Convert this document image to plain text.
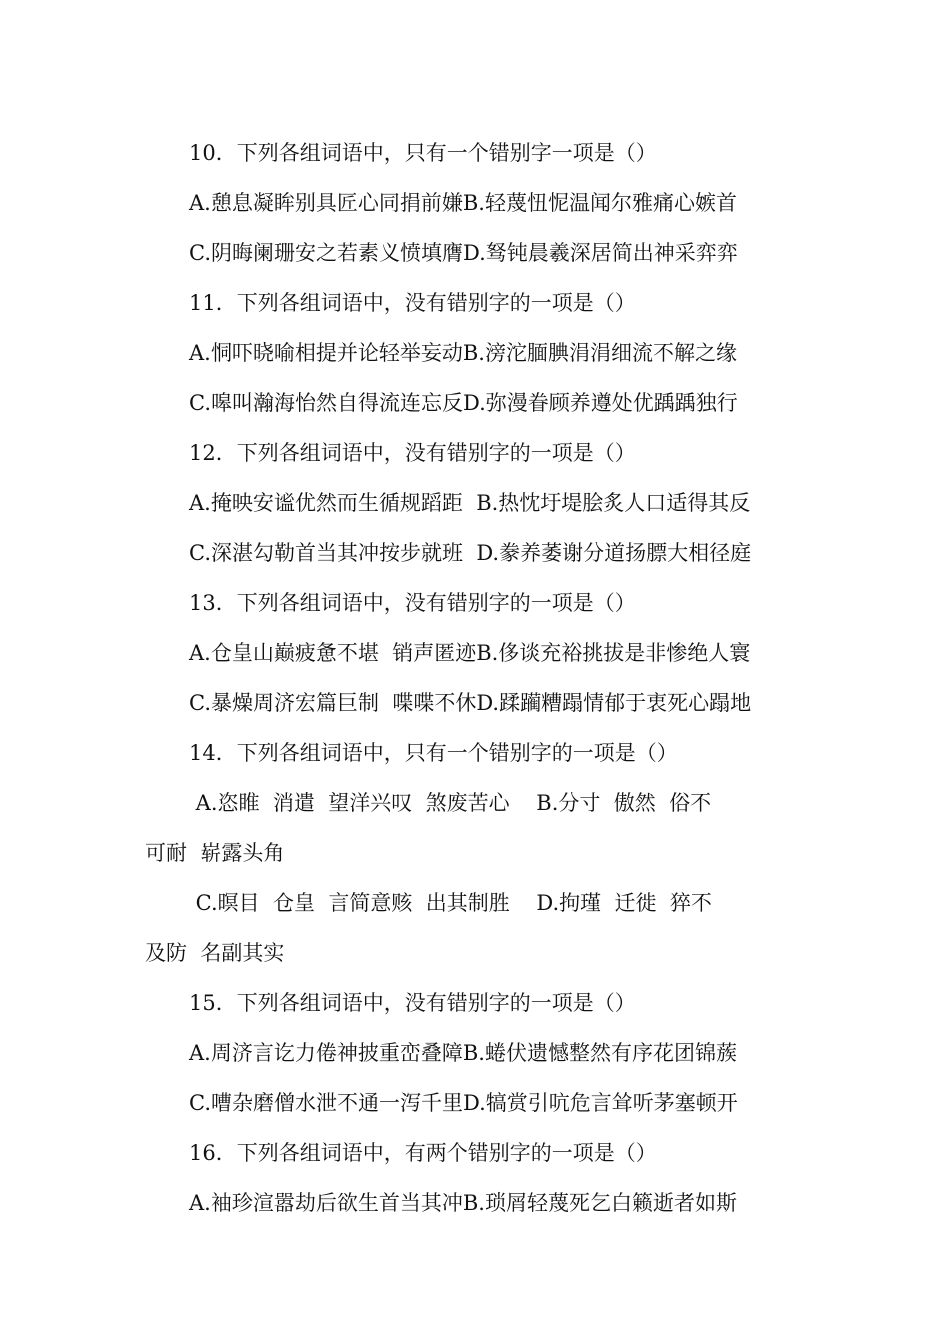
10．下列各组词语中，只有一个错别字一项是（）
A.憩息凝眸别具匠心同捐前嫌B.轻蔑忸怩温闻尔雅痛心嫉首
C.阴晦阑珊安之若素义愤填膺D.驽钝晨羲深居简出神采弈弈
11．下列各组词语中，没有错别字的一项是（）
A.恫吓晓喻相提并论轻举妄动B.滂沱腼腆涓涓细流不解之缘
C.嗥叫瀚海怡然自得流连忘反D.弥漫眷顾养遵处优踽踽独行
12．下列各组词语中，没有错别字的一项是（）
A.掩映安谧优然而生循规蹈距  B.热忱圩堤脍炙人口适得其反
C.深湛勾勒首当其冲按步就班  D.豢养萎谢分道扬膘大相径庭
13．下列各组词语中，没有错别字的一项是（）
A.仓皇山巅疲惫不堪  销声匿迹B.侈谈充裕挑拔是非惨绝人寰
C.暴燥周济宏篇巨制  喋喋不休D.蹂躏糟蹋情郁于衷死心蹋地
14．下列各组词语中，只有一个错别字的一项是（）
A.恣睢  消遣  望洋兴叹  煞废苦心    B.分寸  傲然  俗不
可耐  崭露头角
C.暝目  仓皇  言简意赅  出其制胜    D.拘瑾  迁徙  猝不
及防  名副其实
15．下列各组词语中，没有错别字的一项是（）
A.周济言讫力倦神披重峦叠障B.蜷伏遗憾整然有序花团锦蔟
C.嘈杂磨僧水泄不通一泻千里D.犒赏引吭危言耸听茅塞顿开
16．下列各组词语中，有两个错别字的一项是（）
A.袖珍渲嚣劫后欲生首当其冲B.琐屑轻蔑死乞白籁逝者如斯
